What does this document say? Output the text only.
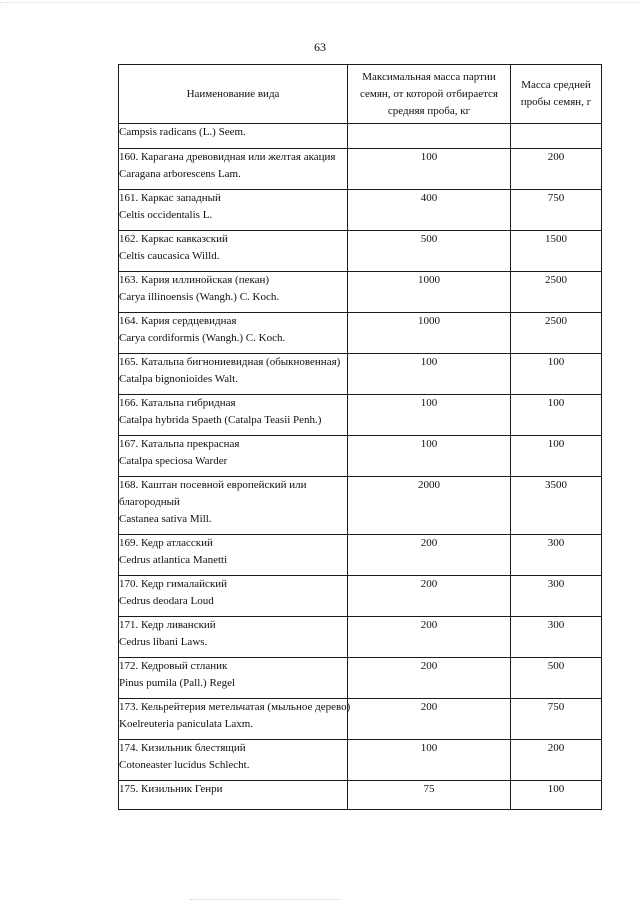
63
Наименование вида	Максимальная масса партии
семян, от которой отбирается
средняя проба, кг	Масса средней
пробы семян, г

Campsis radicans (L.) Seem.		

160. Карагана древовидная или желтая акация
Caragana arborescens Lam.	100	200

161. Каркас западный
Celtis occidentalis L.	400	750

162. Каркас кавказский
Celtis caucasica Willd.	500	1500

163. Кария иллинойская (пекан)
Carya illinoensis (Wangh.) C. Koch.	1000	2500

164. Кария сердцевидная
Carya cordiformis (Wangh.) C. Koch.	1000	2500

165. Катальпа бигнониевидная (обыкновенная)
Catalpa bignonioides Walt.	100	100

166. Катальпа гибридная
Catalpa hybrida Spaeth (Catalpa Teasii Penh.)	100	100

167. Катальпа прекрасная
Catalpa speciosa Warder	100	100

168. Каштан посевной европейский или
благородный
Castanea sativa Mill.	2000	3500

169. Кедр атласский
Cedrus atlantica Manetti	200	300

170. Кедр гималайский
Cedrus deodara Loud	200	300

171. Кедр ливанский
Cedrus libani Laws.	200	300

172. Кедровый стланик
Pinus pumila (Pall.) Regel	200	500

173. Кельрейтерия метельчатая (мыльное дерево)
Koelreuteria paniculata Laxm.	200	750

174. Кизильник блестящий
Cotoneaster lucidus Schlecht.	100	200

175. Кизильник Генри	75	100
